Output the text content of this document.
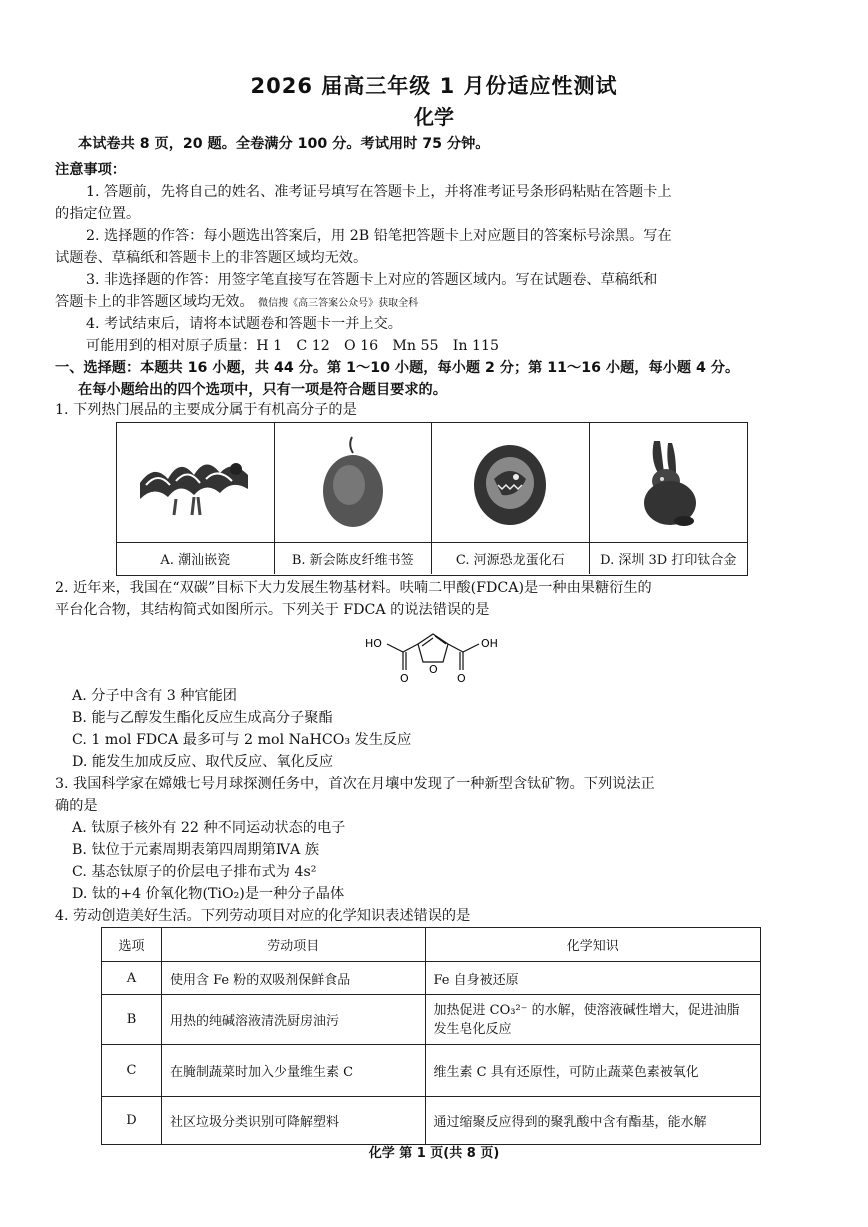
2026 届高三年级 1 月份适应性测试
化学
本试卷共 8 页，20 题。全卷满分 100 分。考试用时 75 分钟。
注意事项：
1. 答题前，先将自己的姓名、准考证号填写在答题卡上，并将准考证号条形码粘贴在答题卡上
的指定位置。
2. 选择题的作答：每小题选出答案后，用 2B 铅笔把答题卡上对应题目的答案标号涂黑。写在
试题卷、草稿纸和答题卡上的非答题区域均无效。
3. 非选择题的作答：用签字笔直接写在答题卡上对应的答题区域内。写在试题卷、草稿纸和
答题卡上的非答题区域均无效。 微信搜《高三答案公众号》获取全科
4. 考试结束后，请将本试题卷和答题卡一并上交。
可能用到的相对原子质量：H 1　C 12　O 16　Mn 55　In 115
一、选择题：本题共 16 小题，共 44 分。第 1～10 小题，每小题 2 分；第 11～16 小题，每小题 4 分。
在每小题给出的四个选项中，只有一项是符合题目要求的。
1. 下列热门展品的主要成分属于有机高分子的是
A. 潮汕嵌瓷	B. 新会陈皮纤维书签	C. 河源恐龙蛋化石	D. 深圳 3D 打印钛合金
2. 近年来，我国在“双碳”目标下大力发展生物基材料。呋喃二甲酸(FDCA)是一种由果糖衍生的
平台化合物，其结构简式如图所示。下列关于 FDCA 的说法错误的是
HO	OH
O
O	O
A. 分子中含有 3 种官能团
B. 能与乙醇发生酯化反应生成高分子聚酯
C. 1 mol FDCA 最多可与 2 mol NaHCO₃ 发生反应
D. 能发生加成反应、取代反应、氧化反应
3. 我国科学家在嫦娥七号月球探测任务中，首次在月壤中发现了一种新型含钛矿物。下列说法正
确的是
A. 钛原子核外有 22 种不同运动状态的电子
B. 钛位于元素周期表第四周期第ⅣA 族
C. 基态钛原子的价层电子排布式为 4s²
D. 钛的+4 价氧化物(TiO₂)是一种分子晶体
4. 劳动创造美好生活。下列劳动项目对应的化学知识表述错误的是
选项	劳动项目	化学知识
A	使用含 Fe 粉的双吸剂保鲜食品	Fe 自身被还原
B	用热的纯碱溶液清洗厨房油污	加热促进 CO₃²⁻ 的水解，使溶液碱性增大，促进油脂发生皂化反应
C	在腌制蔬菜时加入少量维生素 C	维生素 C 具有还原性，可防止蔬菜色素被氧化
D	社区垃圾分类识别可降解塑料	通过缩聚反应得到的聚乳酸中含有酯基，能水解
化学 第 1 页(共 8 页)
